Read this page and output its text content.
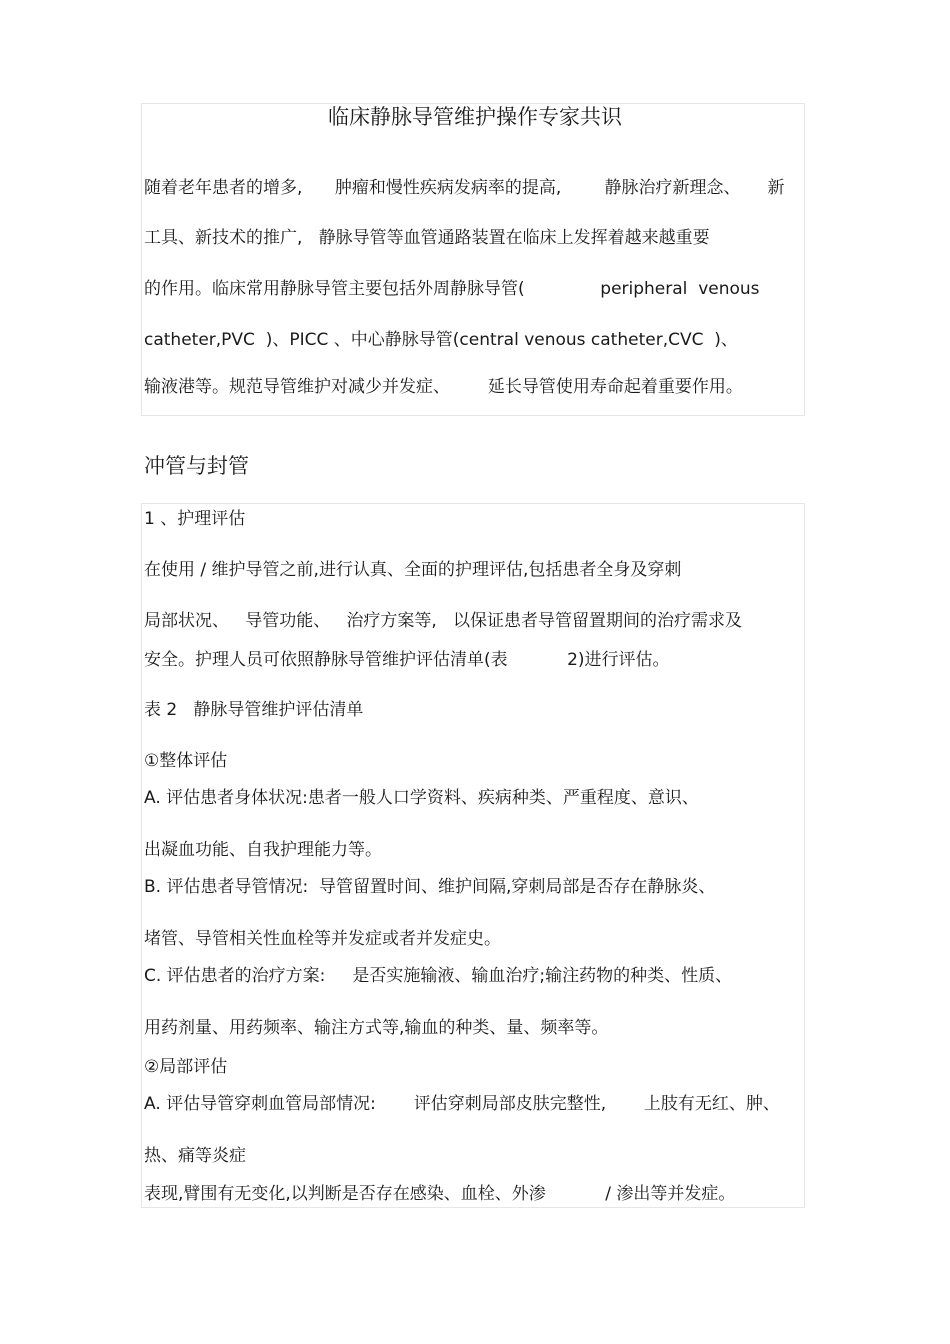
临床静脉导管维护操作专家共识
随着老年患者的增多,      肿瘤和慢性疾病发病率的提高,        静脉治疗新理念、     新
工具、新技术的推广,   静脉导管等血管通路装置在临床上发挥着越来越重要
的作用。临床常用静脉导管主要包括外周静脉导管(              peripheral  venous
catheter,PVC  )、PICC 、中心静脉导管(central venous catheter,CVC  )、
输液港等。规范导管维护对减少并发症、       延长导管使用寿命起着重要作用。
冲管与封管
1 、护理评估
在使用 / 维护导管之前,进行认真、全面的护理评估,包括患者全身及穿刺
局部状况、   导管功能、   治疗方案等,   以保证患者导管留置期间的治疗需求及
安全。护理人员可依照静脉导管维护评估清单(表           2)进行评估。
表 2   静脉导管维护评估清单
①整体评估
A. 评估患者身体状况:患者一般人口学资料、疾病种类、严重程度、意识、
出凝血功能、自我护理能力等。
B. 评估患者导管情况:  导管留置时间、维护间隔,穿刺局部是否存在静脉炎、
堵管、导管相关性血栓等并发症或者并发症史。
C. 评估患者的治疗方案:     是否实施输液、输血治疗;输注药物的种类、性质、
用药剂量、用药频率、输注方式等,输血的种类、量、频率等。
②局部评估
A. 评估导管穿刺血管局部情况:       评估穿刺局部皮肤完整性,       上肢有无红、肿、
热、痛等炎症
表现,臂围有无变化,以判断是否存在感染、血栓、外渗           / 渗出等并发症。
